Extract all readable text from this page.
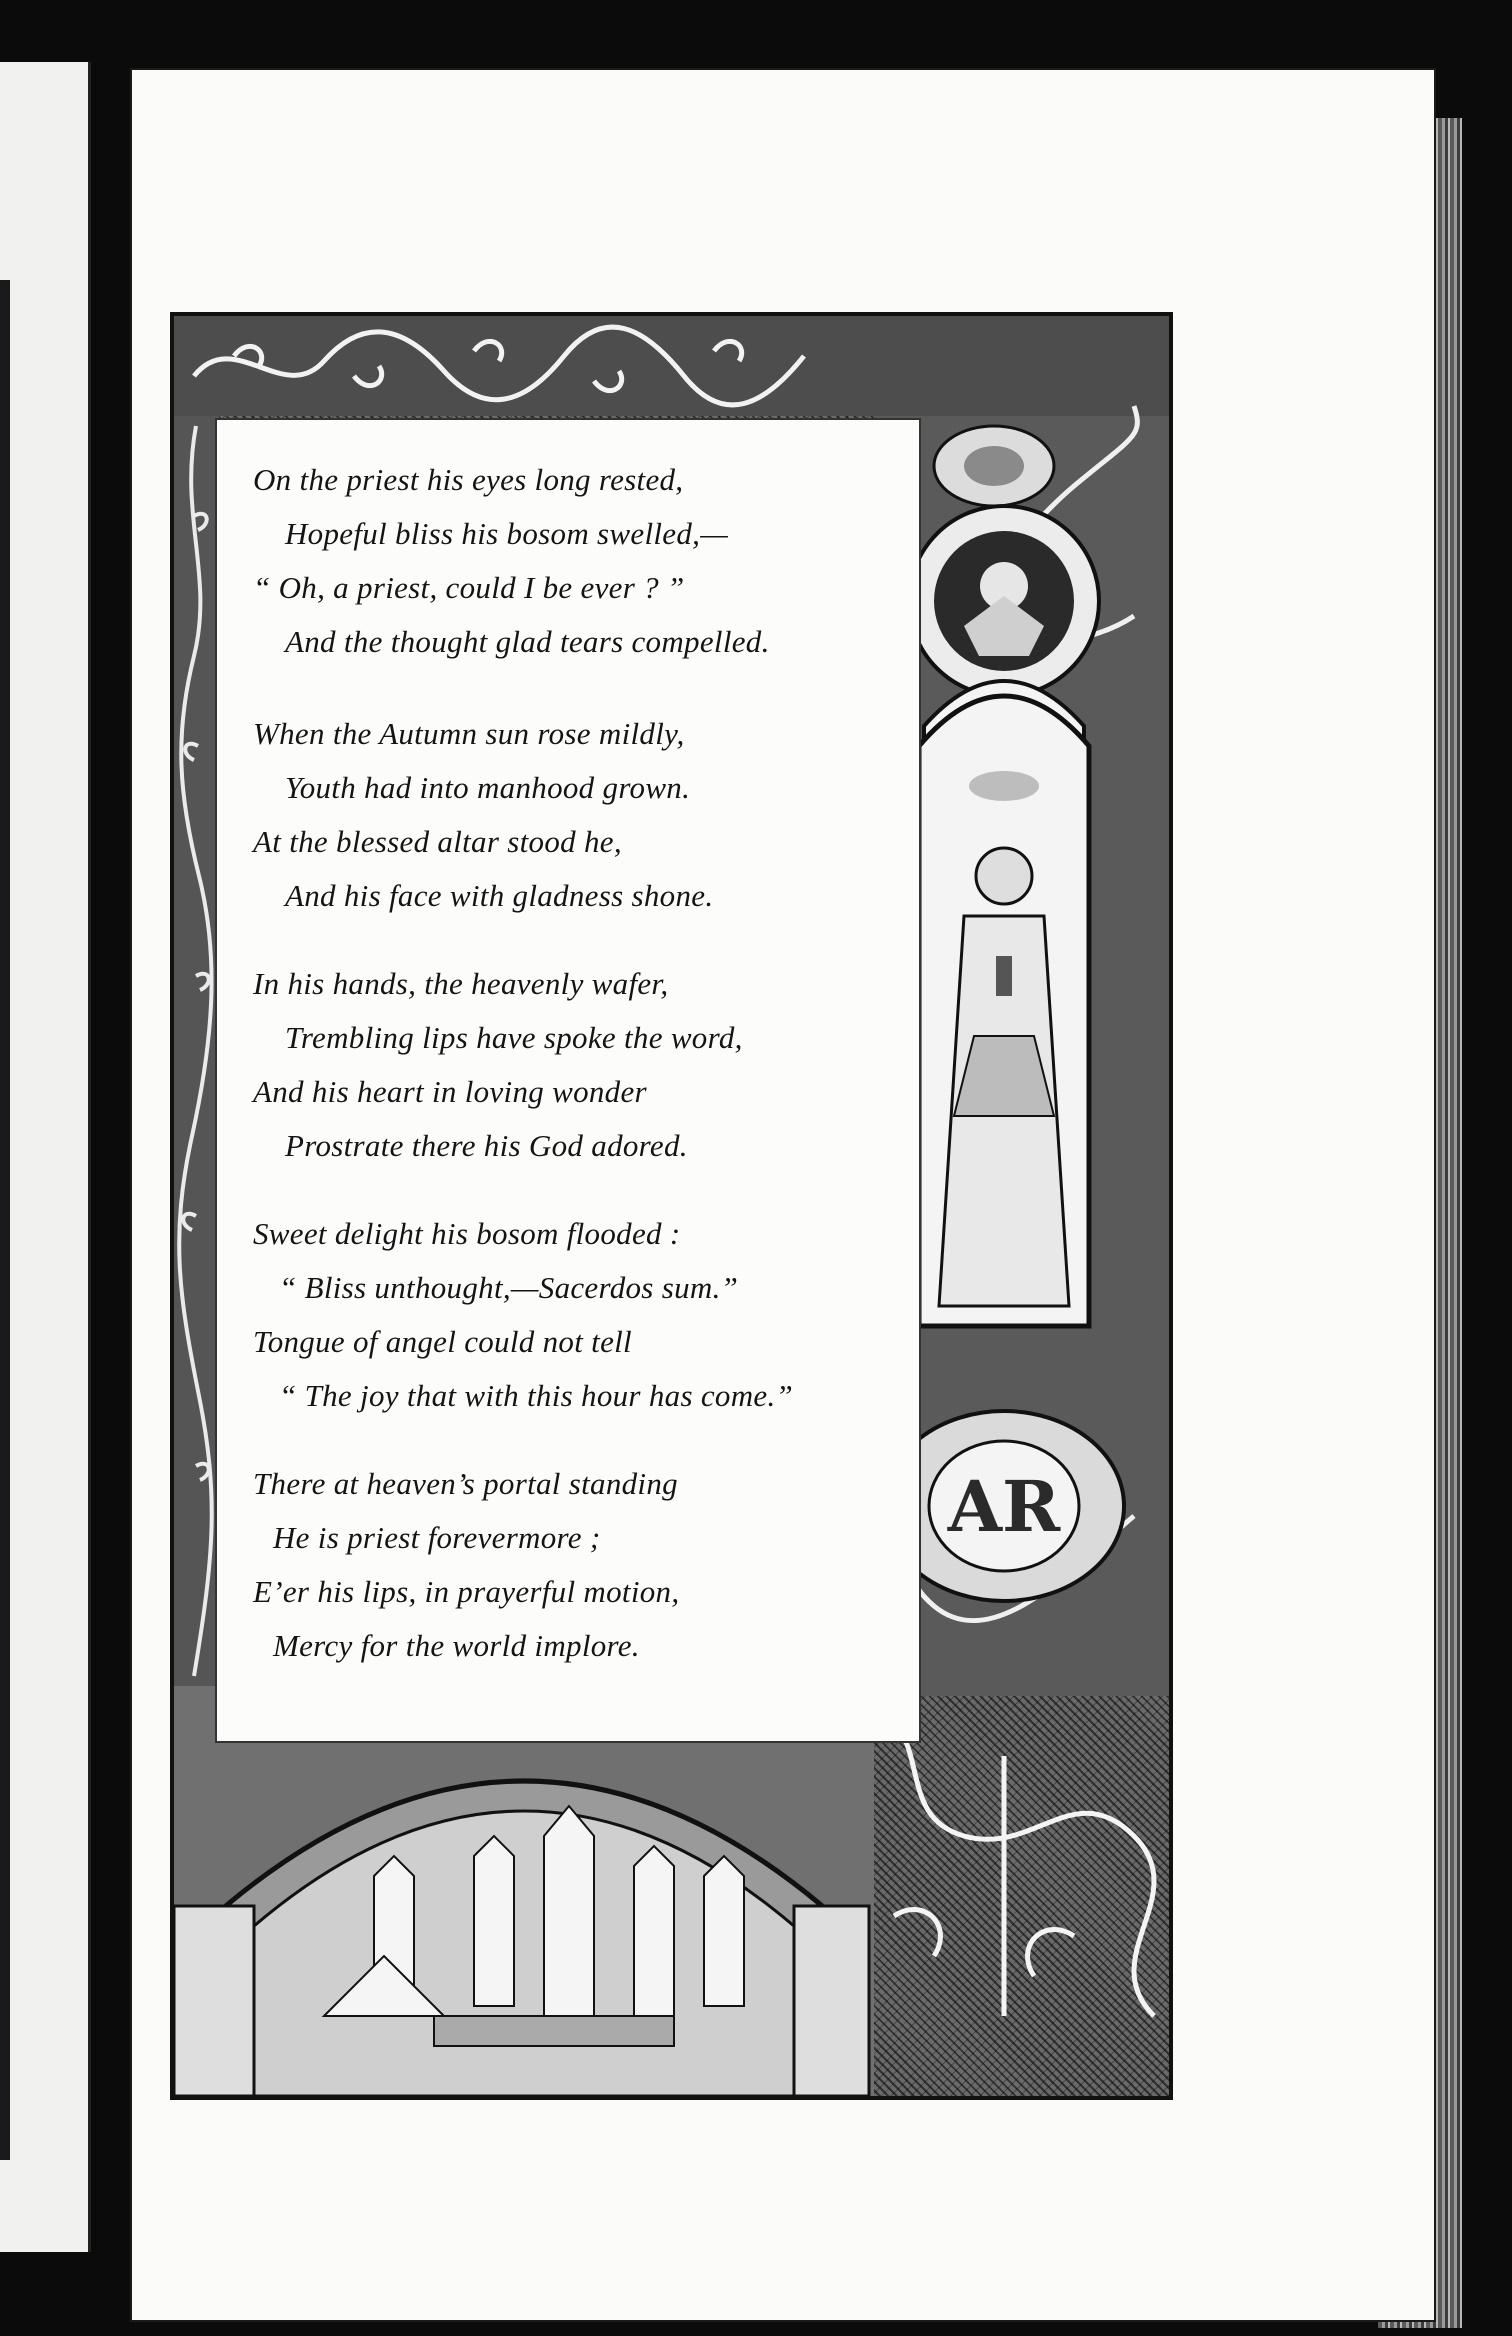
AR
On the priest his eyes long rested,
Hopeful bliss his bosom swelled,—
“ Oh, a priest, could I be ever ? ”
And the thought glad tears compelled.
When the Autumn sun rose mildly,
Youth had into manhood grown.
At the blessed altar stood he,
And his face with gladness shone.
In his hands, the heavenly wafer,
Trembling lips have spoke the word,
And his heart in loving wonder
Prostrate there his God adored.
Sweet delight his bosom flooded :
“ Bliss unthought,—Sacerdos sum.”
Tongue of angel could not tell
“ The joy that with this hour has come.”
There at heaven’s portal standing
He is priest forevermore ;
E’er his lips, in prayerful motion,
Mercy for the world implore.
